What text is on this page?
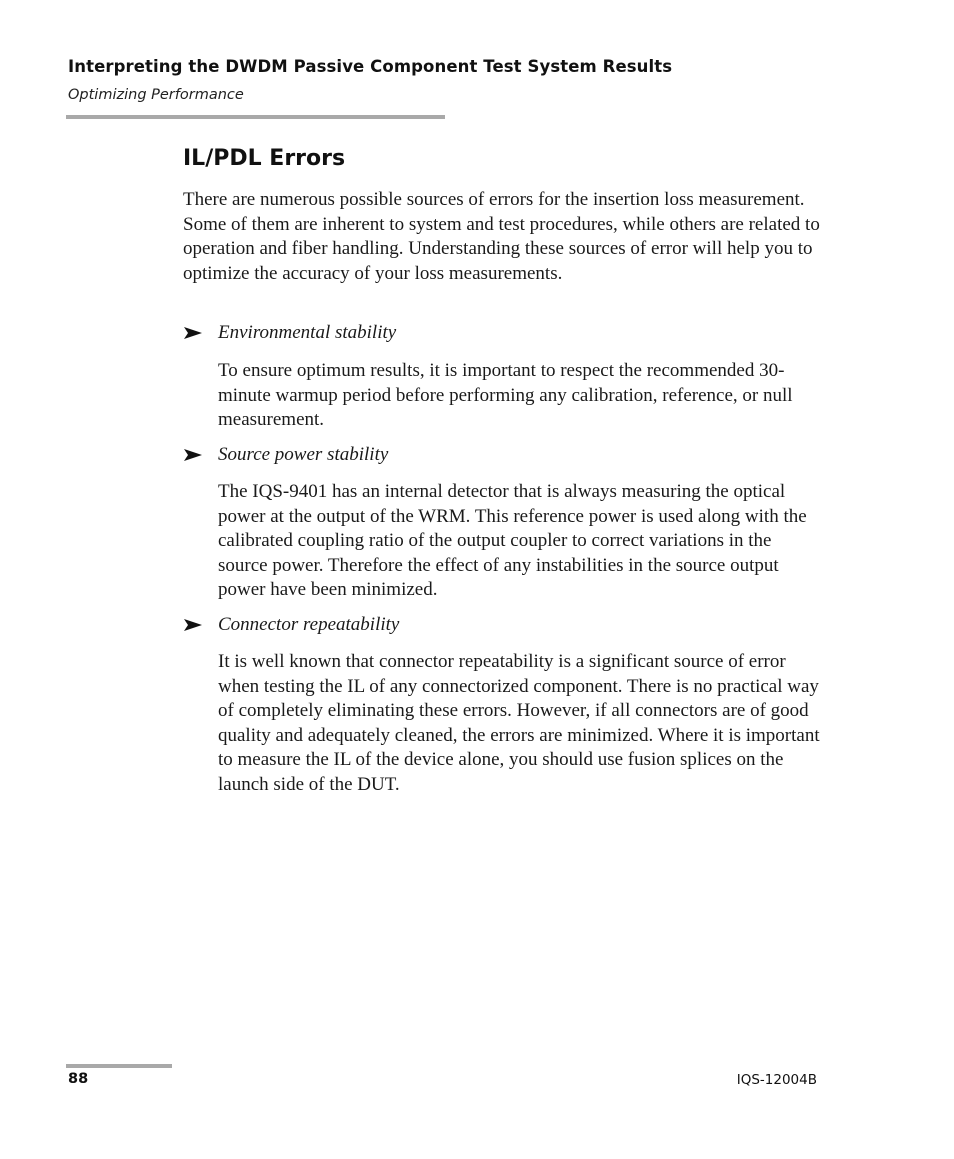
Interpreting the DWDM Passive Component Test System Results
Optimizing Performance
IL/PDL Errors

There are numerous possible sources of errors for the insertion loss measurement. Some of them are inherent to system and test procedures, while others are related to operation and fiber handling. Understanding these sources of error will help you to optimize the accuracy of your loss measurements.

Environmental stability

To ensure optimum results, it is important to respect the recommended 30-minute warmup period before performing any calibration, reference, or null measurement.

Source power stability

The IQS-9401 has an internal detector that is always measuring the optical power at the output of the WRM. This reference power is used along with the calibrated coupling ratio of the output coupler to correct variations in the source power. Therefore the effect of any instabilities in the source output power have been minimized.

Connector repeatability

It is well known that connector repeatability is a significant source of error when testing the IL of any connectorized component. There is no practical way of completely eliminating these errors. However, if all connectors are of good quality and adequately cleaned, the errors are minimized. Where it is important to measure the IL of the device alone, you should use fusion splices on the launch side of the DUT.

88	IQS-12004B
